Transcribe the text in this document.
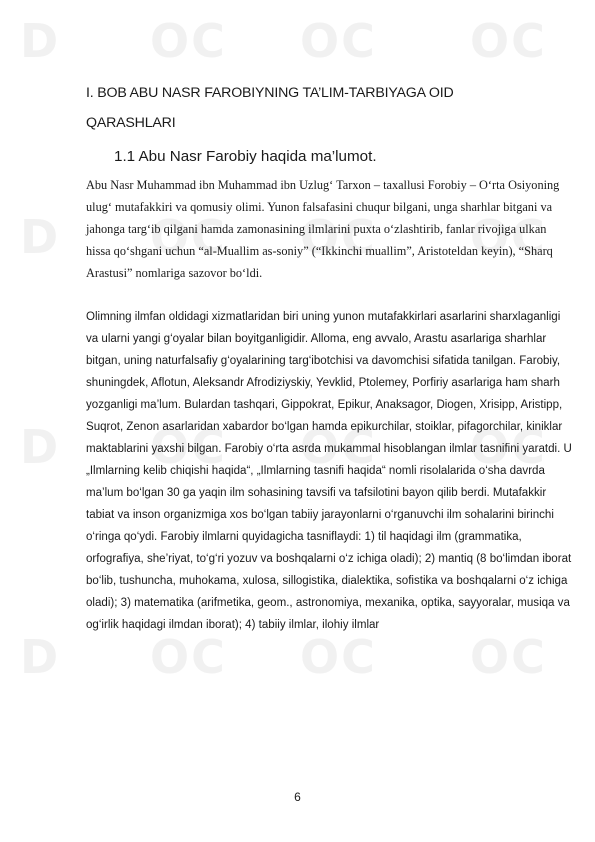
D OC OC OC
D OC OC OC
D OC OC OC
D OC OC OC
I. BOB ABU NASR FAROBIYNING TA’LIM-TARBIYAGA OID QARASHLARI
1.1 Abu Nasr Farobiy haqida ma’lumot.

Abu Nasr Muhammad ibn Muhammad ibn Uzlug‘ Tarxon – taxallusi Forobiy – O‘rta Osiyoning ulug‘ mutafakkiri va qomusiy olimi. Yunon falsafasini chuqur bilgani, unga sharhlar bitgani va jahonga targ‘ib qilgani hamda zamonasining ilmlarini puxta o‘zlashtirib, fanlar rivojiga ulkan hissa qo‘shgani uchun “al-Muallim as-soniy” (“Ikkinchi muallim”, Aristoteldan keyin), “Sharq Arastusi” nomlariga sazovor bo‘ldi.

Olimning ilmfan oldidagi xizmatlaridan biri uning yunon mutafakkirlari asarlarini sharxlaganligi va ularni yangi g‘oyalar bilan boyitganligidir. Alloma, eng avvalo, Arastu asarlariga sharhlar bitgan, uning naturfalsafiy g‘oyalarining targ‘ibotchisi va davomchisi sifatida tanilgan. Farobiy, shuningdek, Aflotun, Aleksandr Afrodiziyskiy, Yevklid, Ptolemey, Porfiriy asarlariga ham sharh yozganligi ma’lum. Bulardan tashqari, Gippokrat, Epikur, Anaksagor, Diogen, Xrisipp, Aristipp, Suqrot, Zenon asarlaridan xabardor bo‘lgan hamda epikurchilar, stoiklar, pifagorchilar, kiniklar maktablarini yaxshi bilgan. Farobiy o‘rta asrda mukammal hisoblangan ilmlar tasnifini yaratdi. U „Ilmlarning kelib chiqishi haqida“, „Ilmlarning tasnifi haqida“ nomli risolalarida o‘sha davrda ma’lum bo‘lgan 30 ga yaqin ilm sohasining tavsifi va tafsilotini bayon qilib berdi. Mutafakkir tabiat va inson organizmiga xos bo‘lgan tabiiy jarayonlarni o‘rganuvchi ilm sohalarini birinchi o‘ringa qo‘ydi. Farobiy ilmlarni quyidagicha tasniflaydi: 1) til haqidagi ilm (grammatika, orfografiya, she’riyat, to‘g‘ri yozuv va boshqalarni o‘z ichiga oladi); 2) mantiq (8 bo‘limdan iborat bo‘lib, tushuncha, muhokama, xulosa, sillogistika, dialektika, sofistika va boshqalarni o‘z ichiga oladi); 3) matematika (arifmetika, geom., astronomiya, mexanika, optika, sayyoralar, musiqa va og‘irlik haqidagi ilmdan iborat); 4) tabiiy ilmlar, ilohiy ilmlar

6
